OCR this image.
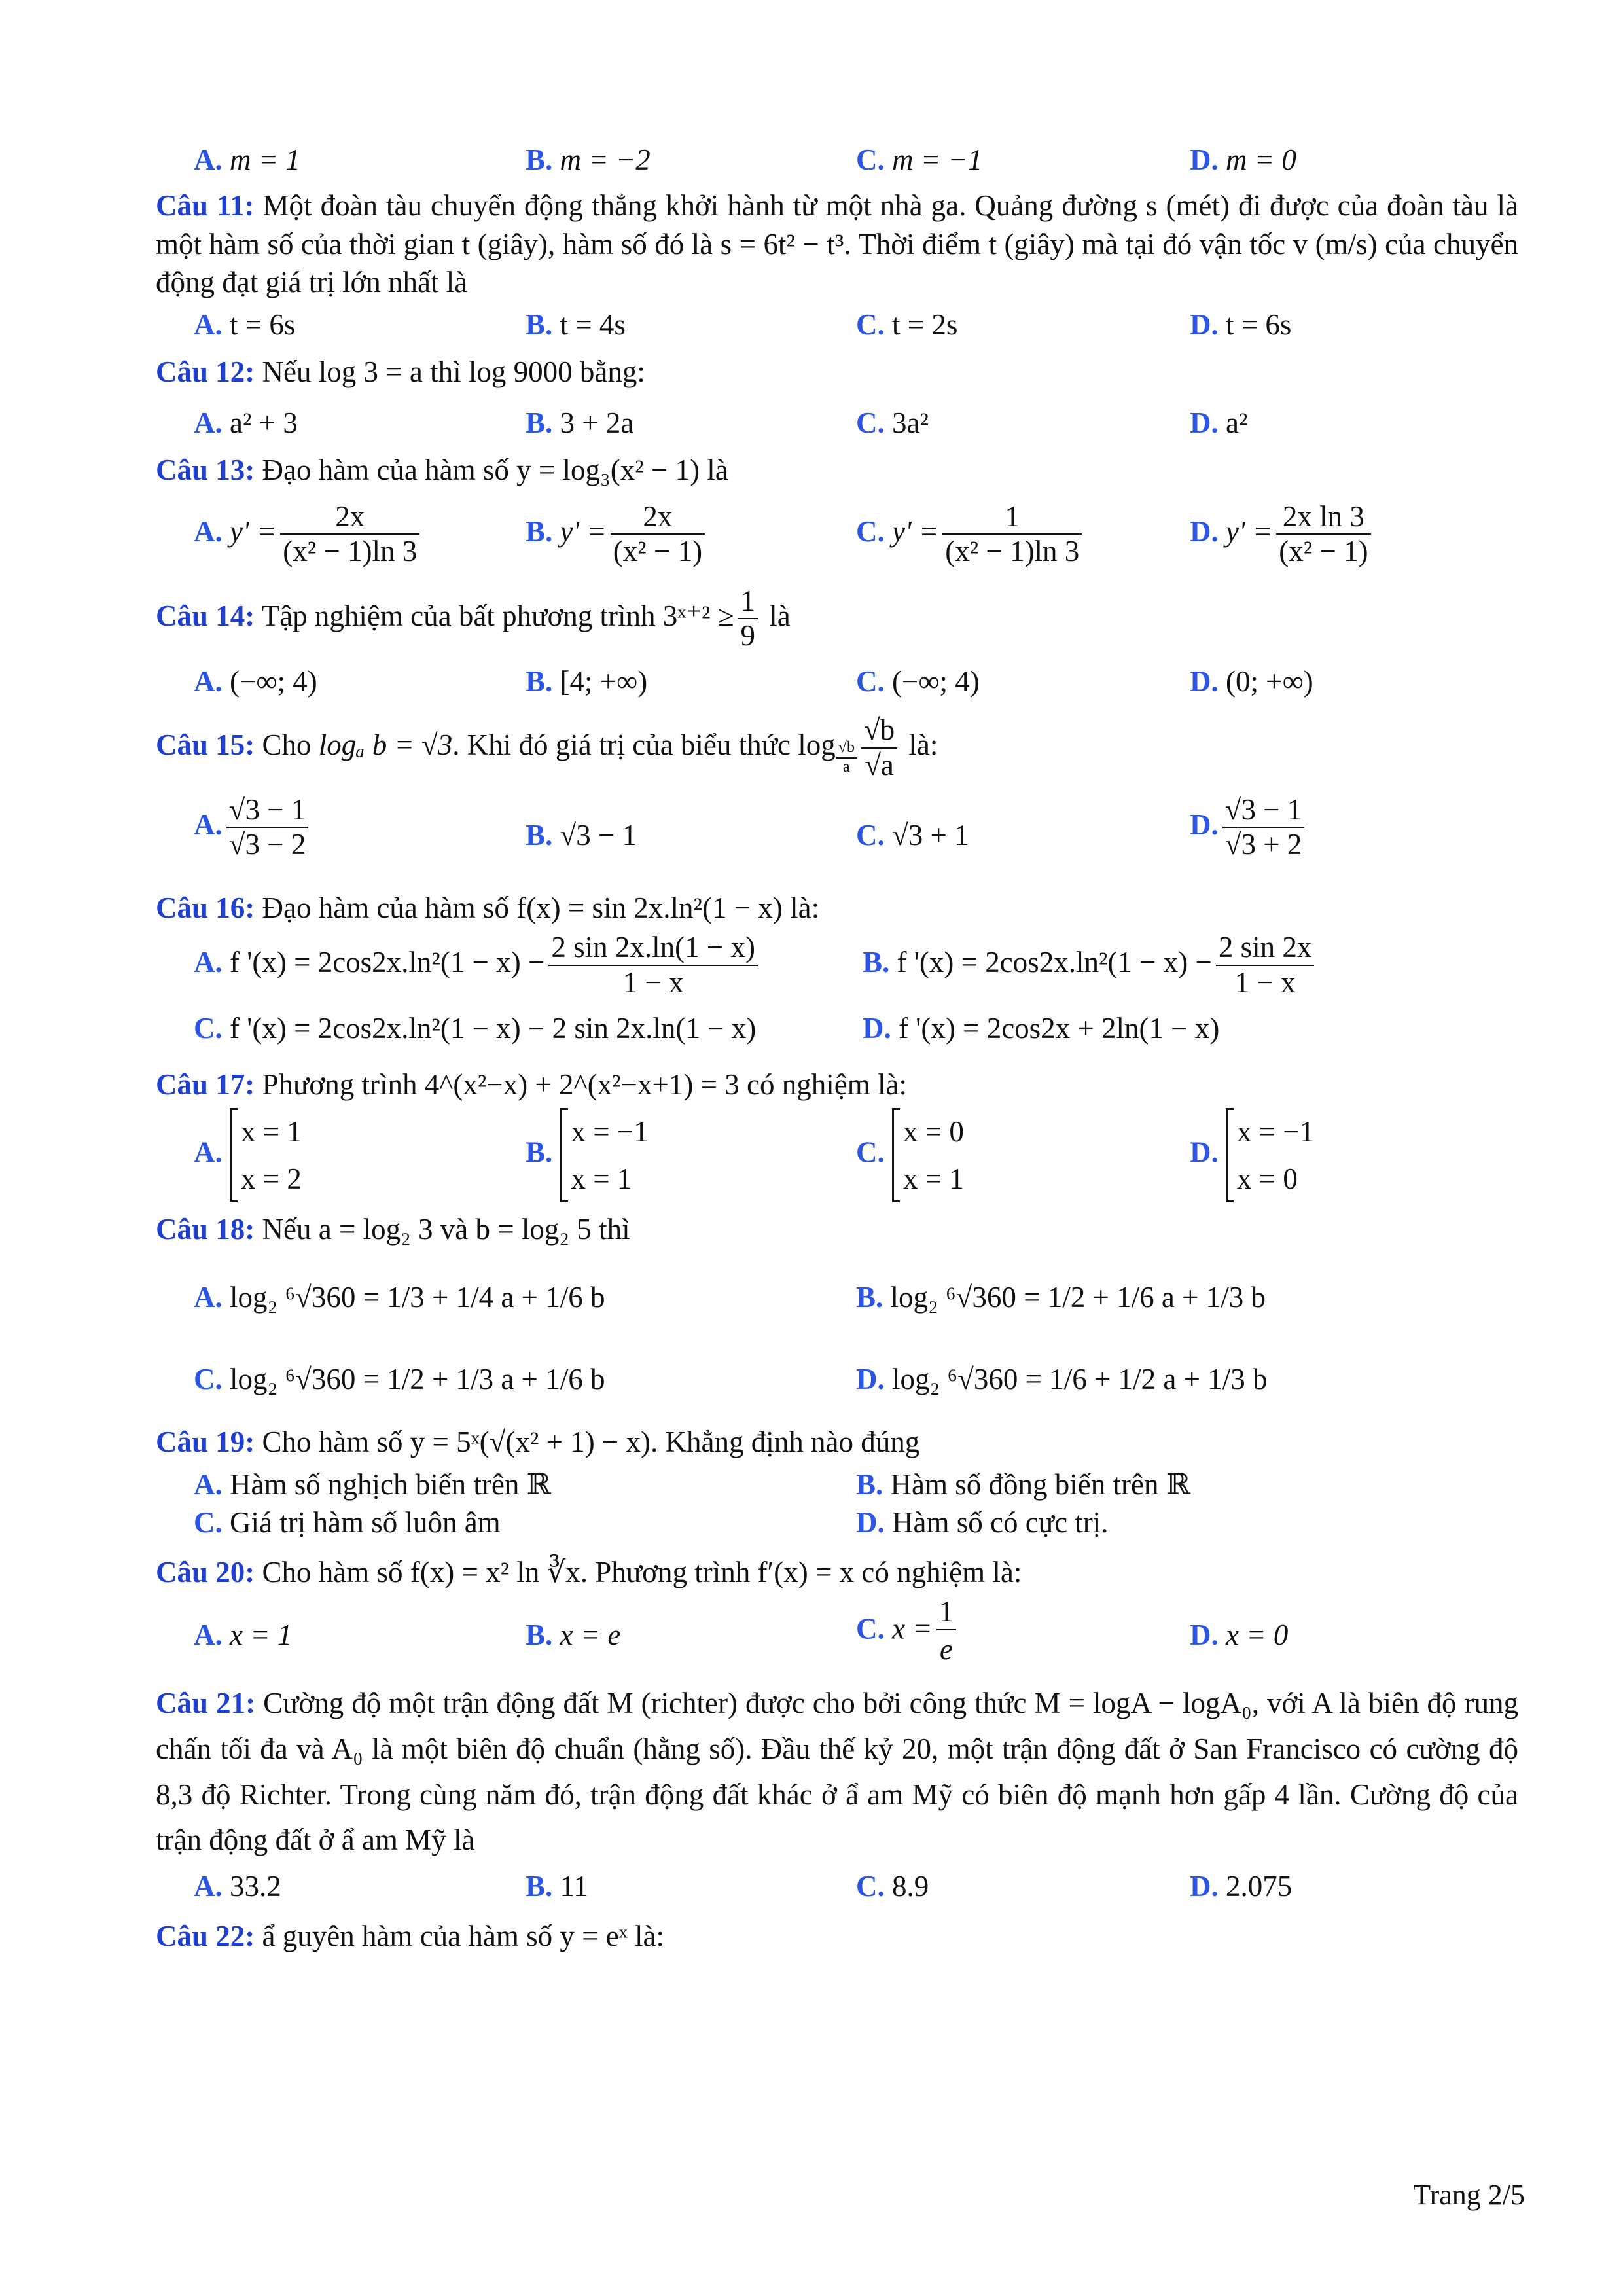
A. m = 1	B. m = −2	C. m = −1	D. m = 0

Câu 11: Một đoàn tàu chuyển động thẳng khởi hành từ một nhà ga. Quảng đường s (mét) đi được của đoàn tàu là một hàm số của thời gian t (giây), hàm số đó là s = 6t² − t³. Thời điểm t (giây) mà tại đó vận tốc v (m/s) của chuyển động đạt giá trị lớn nhất là

A. t = 6s	B. t = 4s	C. t = 2s	D. t = 6s

Câu 12: Nếu log 3 = a thì log 9000 bằng:

A. a² + 3	B. 3 + 2a	C. 3a²	D. a²

Câu 13: Đạo hàm của hàm số y = log₃(x² − 1) là

A. $y' = \frac{2x}{\text{(x² − 1)ln 3}}$	B. $y' = \frac{2x}{\text{(x² − 1)}}$	C. $y' = \frac{1}{\text{(x² − 1)ln 3}}$	D. $y' = \frac{\text{2x ln 3}}{\text{(x² − 1)}}$

Câu 14: Tập nghiệm của bất phương trình 3ˣ⁺² ≥ $\frac{1}{9}$ là

A. (−∞; 4)	B. [4; +∞)	C. (−∞; 4)	D. (0; +∞)

Câu 15: Cho logₐ b = √3. Khi đó giá trị của biểu thức $\log _{\frac{√b}{a}} \frac{√b}{√a}$ là:

A. $\frac{√3 - 1}{√3 - 2}$	B. √3 − 1	C. √3 + 1	D. $\frac{√3 - 1}{√3 + 2}$

Câu 16: Đạo hàm của hàm số f(x) = sin 2x.ln²(1 − x) là:

A. f '$(x) = 2\cos 2x.\ln^2(1 - x) - \frac{2 \sin 2x.\ln(1 - x)}{1 - x}$	B. f '$(x) = 2\cos 2x.\ln^2(1 - x) - \frac{2 \sin 2x}{1 - x}$
C. f '(x) = 2cos2x.ln²(1 − x) − 2 sin 2x.ln(1 − x)	D. f '(x) = 2cos2x + 2ln(1 − x)

Câu 17: Phương trình 4^(x²−x) + 2^(x²−x+1) = 3 có nghiệm là:

A.
x = 1
x = 2
B.
x = −1
x = 1
C.
x = 0
x = 1
D.
x = −1
x = 0

Câu 18: Nếu a = log₂ 3 và b = log₂ 5 thì

A. log₂ ⁶√360 = 1/3 + 1/4 a + 1/6 b	B. log₂ ⁶√360 = 1/2 + 1/6 a + 1/3 b
C. log₂ ⁶√360 = 1/2 + 1/3 a + 1/6 b	D. log₂ ⁶√360 = 1/6 + 1/2 a + 1/3 b

Câu 19: Cho hàm số y = 5ˣ(√(x² + 1) − x). Khẳng định nào đúng

A. Hàm số nghịch biến trên ℝ	B. Hàm số đồng biến trên ℝ
C. Giá trị hàm số luôn âm	D. Hàm số có cực trị.

Câu 20: Cho hàm số f(x) = x² ln ∛x. Phương trình f′(x) = x có nghiệm là:

A. x = 1	B. x = e	C. $x = \frac{1}{e}$	D. x = 0

Câu 21: Cường độ một trận động đất M (richter) được cho bởi công thức M = logA − logA₀, với A là biên độ rung chấn tối đa và A₀ là một biên độ chuẩn (hằng số). Đầu thế kỷ 20, một trận động đất ở San Francisco có cường độ 8,3 độ Richter. Trong cùng năm đó, trận động đất khác ở ẩ am Mỹ có biên độ mạnh hơn gấp 4 lần. Cường độ của trận động đất ở ẩ am Mỹ là

A. 33.2	B. 11	C. 8.9	D. 2.075

Câu 22: ẩ guyên hàm của hàm số y = eˣ là:

Trang 2/5
